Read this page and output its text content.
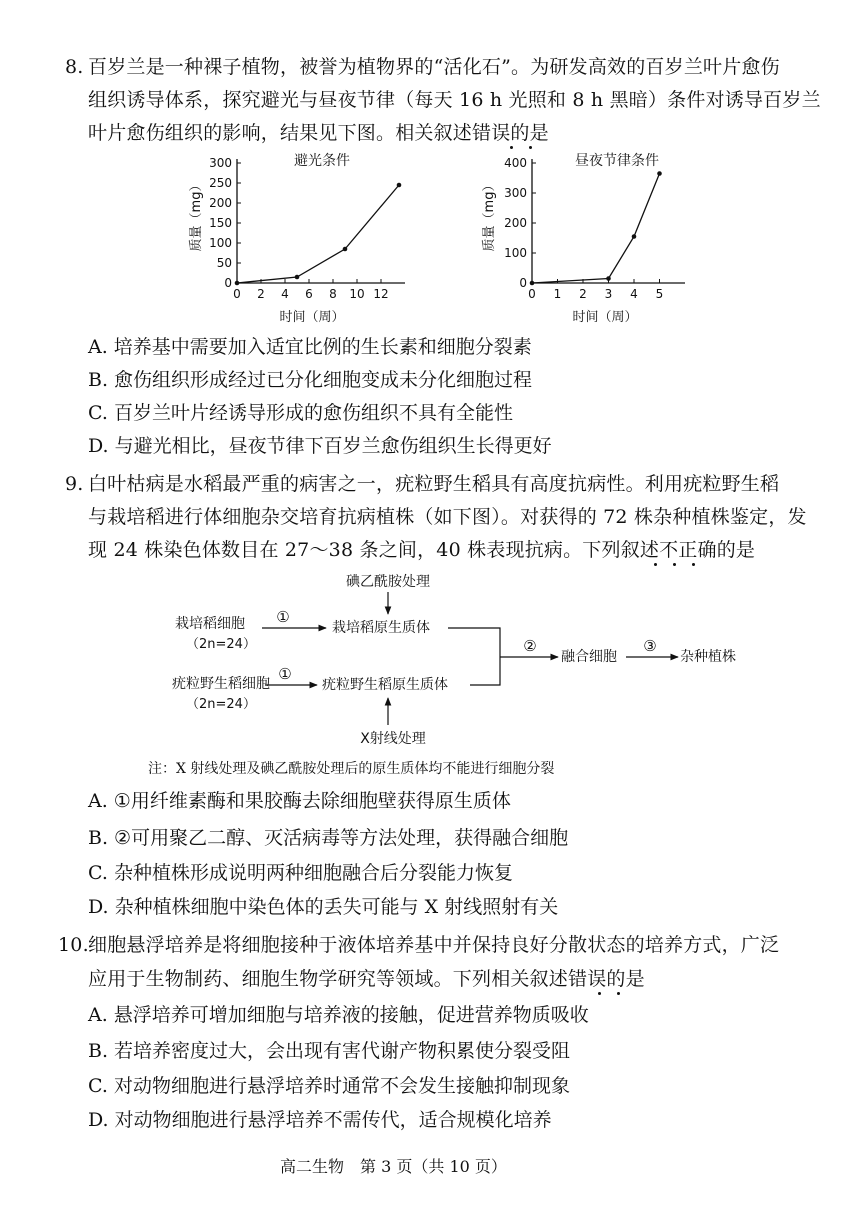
8. 百岁兰是一种裸子植物，被誉为植物界的“活化石”。为研发高效的百岁兰叶片愈伤
组织诱导体系，探究避光与昼夜节律（每天 16 h 光照和 8 h 黑暗）条件对诱导百岁兰
叶片愈伤组织的影响，结果见下图。相关叙述错误的是
避光条件
质量（mg）
时间（周）
0
50
100
150
200
250
300
0 2 4 6 8 10 12
昼夜节律条件
质量（mg）
时间（周）
0
100
200
300
400
0 1 2 3 4 5
A. 培养基中需要加入适宜比例的生长素和细胞分裂素
B. 愈伤组织形成经过已分化细胞变成未分化细胞过程
C. 百岁兰叶片经诱导形成的愈伤组织不具有全能性
D. 与避光相比，昼夜节律下百岁兰愈伤组织生长得更好
9. 白叶枯病是水稻最严重的病害之一，疣粒野生稻具有高度抗病性。利用疣粒野生稻
与栽培稻进行体细胞杂交培育抗病植株（如下图）。对获得的 72 株杂种植株鉴定，发
现 24 株染色体数目在 27～38 条之间，40 株表现抗病。下列叙述不正确的是
碘乙酰胺处理
栽培稻细胞
（2n=24）
①
栽培稻原生质体
疣粒野生稻细胞
（2n=24）
①
疣粒野生稻原生质体
X射线处理
②
融合细胞
③
杂种植株
注：X 射线处理及碘乙酰胺处理后的原生质体均不能进行细胞分裂
A. ①用纤维素酶和果胶酶去除细胞壁获得原生质体
B. ②可用聚乙二醇、灭活病毒等方法处理，获得融合细胞
C. 杂种植株形成说明两种细胞融合后分裂能力恢复
D. 杂种植株细胞中染色体的丢失可能与 X 射线照射有关
10. 细胞悬浮培养是将细胞接种于液体培养基中并保持良好分散状态的培养方式，广泛
应用于生物制药、细胞生物学研究等领域。下列相关叙述错误的是
A. 悬浮培养可增加细胞与培养液的接触，促进营养物质吸收
B. 若培养密度过大，会出现有害代谢产物积累使分裂受阻
C. 对动物细胞进行悬浮培养时通常不会发生接触抑制现象
D. 对动物细胞进行悬浮培养不需传代，适合规模化培养
高二生物　第 3 页（共 10 页）
